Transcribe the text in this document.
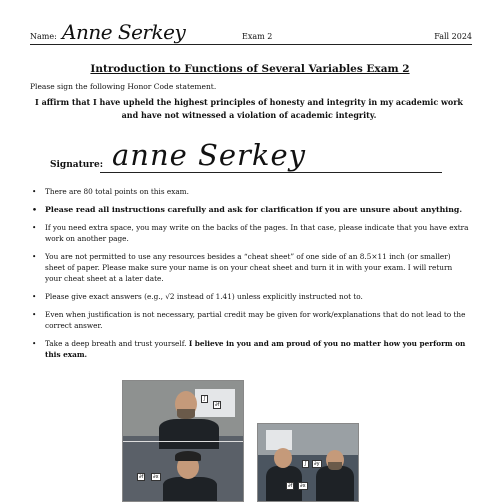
Name: Anne Serkey	Exam 2	Fall 2024
Introduction to Functions of Several Variables Exam 2
Please sign the following Honor Code statement.
I affirm that I have upheld the highest principles of honesty and integrity in my academic work
and have not witnessed a violation of academic integrity.
Signature: anne Serkey
• There are 80 total points on this exam.
• Please read all instructions carefully and ask for clarification if you are unsure about anything.
• If you need extra space, you may write on the backs of the pages. In that case, please indicate that you have extra work on another page.
• You are not permitted to use any resources besides a “cheat sheet” of one side of an 8.5×11 inch (or smaller) sheet of paper. Please make sure your name is on your cheat sheet and turn it in with your exam. I will return your cheat sheet at a later date.
• Please give exact answers (e.g., √2 instead of 1.41) unless explicitly instructed not to.
• Even when justification is not necessary, partial credit may be given for work/explanations that do not lead to the correct answer.
• Take a deep breath and trust yourself. I believe in you and am proud of you no matter how you perform on this exam.
∫
∂f
∂f	∂x
∫	∂y
∂f	∂x
